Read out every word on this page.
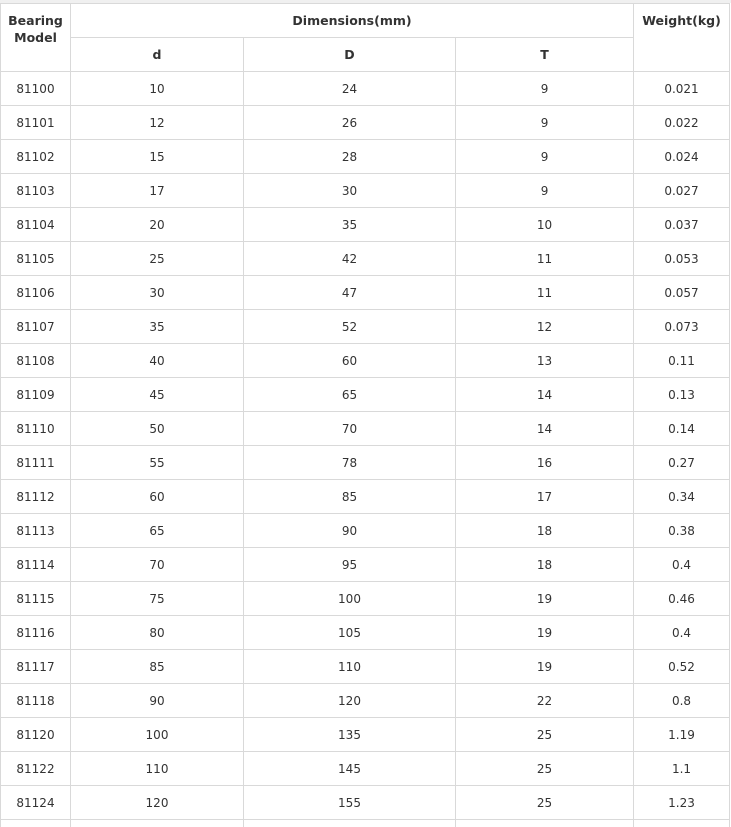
Bearing Model	Dimensions(mm)			Weight(kg)
	d	D	T	
81100	10	24	9	0.021
81101	12	26	9	0.022
81102	15	28	9	0.024
81103	17	30	9	0.027
81104	20	35	10	0.037
81105	25	42	11	0.053
81106	30	47	11	0.057
81107	35	52	12	0.073
81108	40	60	13	0.11
81109	45	65	14	0.13
81110	50	70	14	0.14
81111	55	78	16	0.27
81112	60	85	17	0.34
81113	65	90	18	0.38
81114	70	95	18	0.4
81115	75	100	19	0.46
81116	80	105	19	0.4
81117	85	110	19	0.52
81118	90	120	22	0.8
81120	100	135	25	1.19
81122	110	145	25	1.1
81124	120	155	25	1.23
